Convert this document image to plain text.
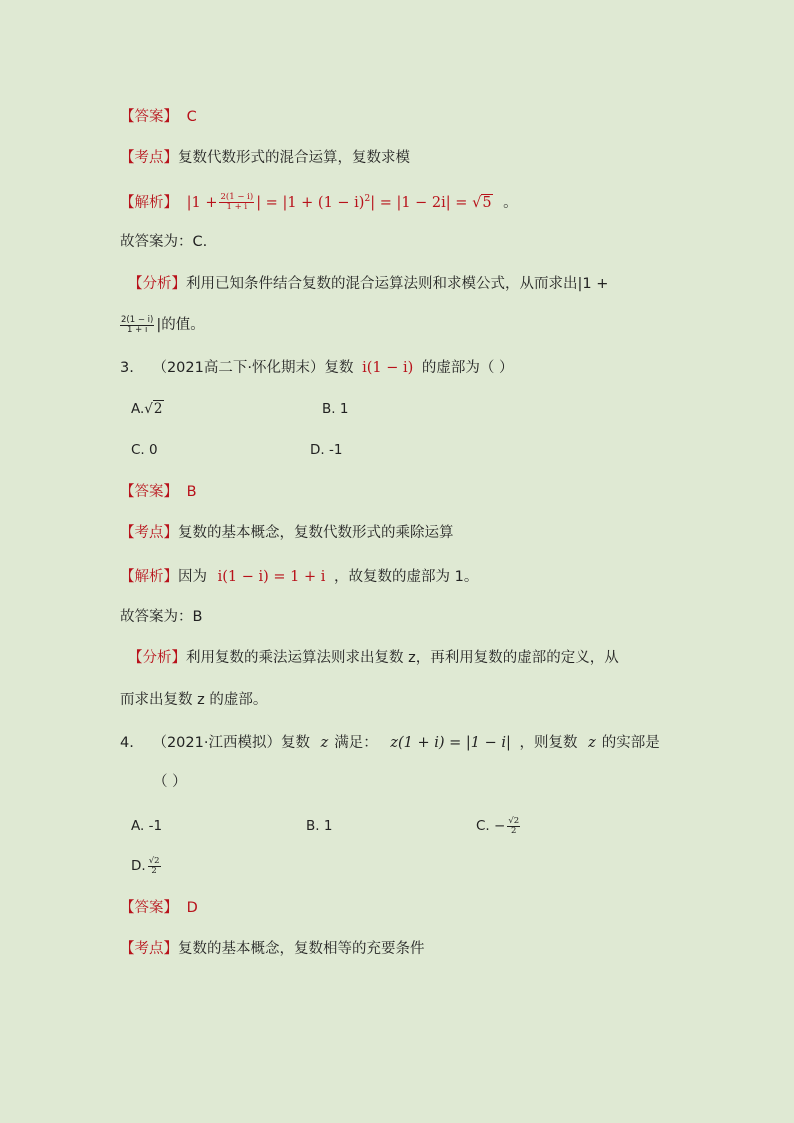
【答案】 C
【考点】复数代数形式的混合运算，复数求模
【解析】 $|1 + \frac{2(1 - i)}{1 + i}$ | = $|1 + (1 - i)^2| = |1 - 2i| = √5$ 。
故答案为：C.
【分析】利用已知条件结合复数的混合运算法则和求模公式，从而求出|1 +
$\frac{2(1 - i)}{1 + i}$ |的值。
3. （2021高二下·怀化期末）复数 i(1 − i) 的虚部为（ ）
A.√2	B. 1
C. 0	D. -1
【答案】 B
【考点】复数的基本概念，复数代数形式的乘除运算
【解析】因为 i(1 − i) = 1 + i ，故复数的虚部为 1。
故答案为：B
【分析】利用复数的乘法运算法则求出复数 z，再利用复数的虚部的定义，从
而求出复数 z 的虚部。
4. （2021·江西模拟）复数 z 满足： z(1 + i) = |1 − i| ，则复数 z 的实部是
（ ）
A. -1	B. 1	C. − $\frac{√2}{2}$
D. $\frac{√2}{2}$
【答案】 D
【考点】复数的基本概念，复数相等的充要条件
